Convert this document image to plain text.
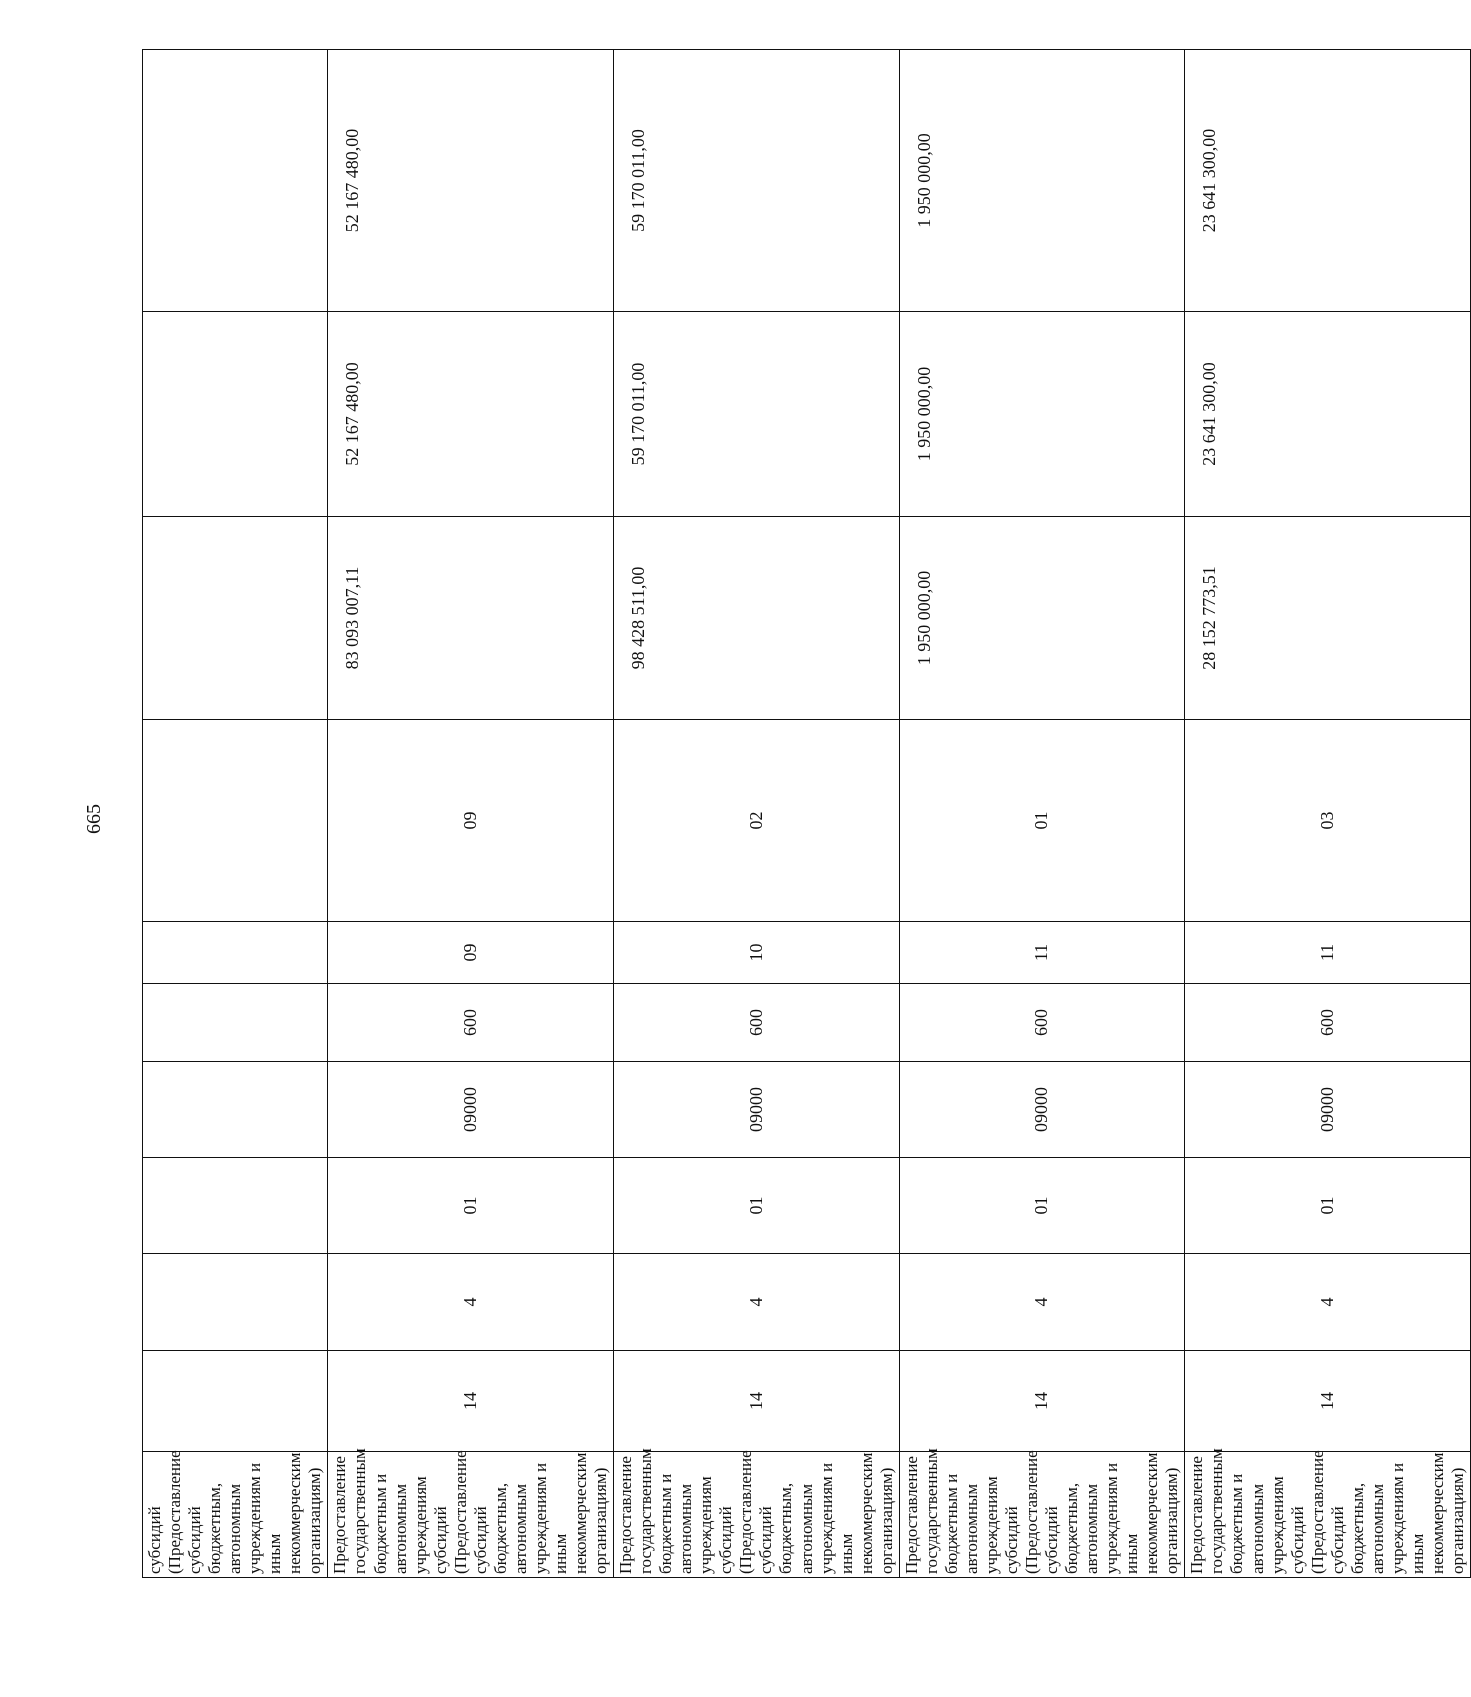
665
субсидий (Предоставление субсидий бюджетным, автономным учреждениям и иным некоммерческим организациям)										
Предоставление государственным бюджетным и автономным учреждениям субсидий (Предоставление субсидий бюджетным, автономным учреждениям и иным некоммерческим организациям)	14	4	01	09000	600	09	09	83 093 007,11	52 167 480,00	52 167 480,00
Предоставление государственным бюджетным и автономным учреждениям субсидий (Предоставление субсидий бюджетным, автономным учреждениям и иным некоммерческим организациям)	14	4	01	09000	600	10	02	98 428 511,00	59 170 011,00	59 170 011,00
Предоставление государственным бюджетным и автономным учреждениям субсидий (Предоставление субсидий бюджетным, автономным учреждениям и иным некоммерческим организациям)	14	4	01	09000	600	11	01	1 950 000,00	1 950 000,00	1 950 000,00
Предоставление государственным бюджетным и автономным учреждениям субсидий (Предоставление субсидий бюджетным, автономным учреждениям и иным некоммерческим организациям)	14	4	01	09000	600	11	03	28 152 773,51	23 641 300,00	23 641 300,00
